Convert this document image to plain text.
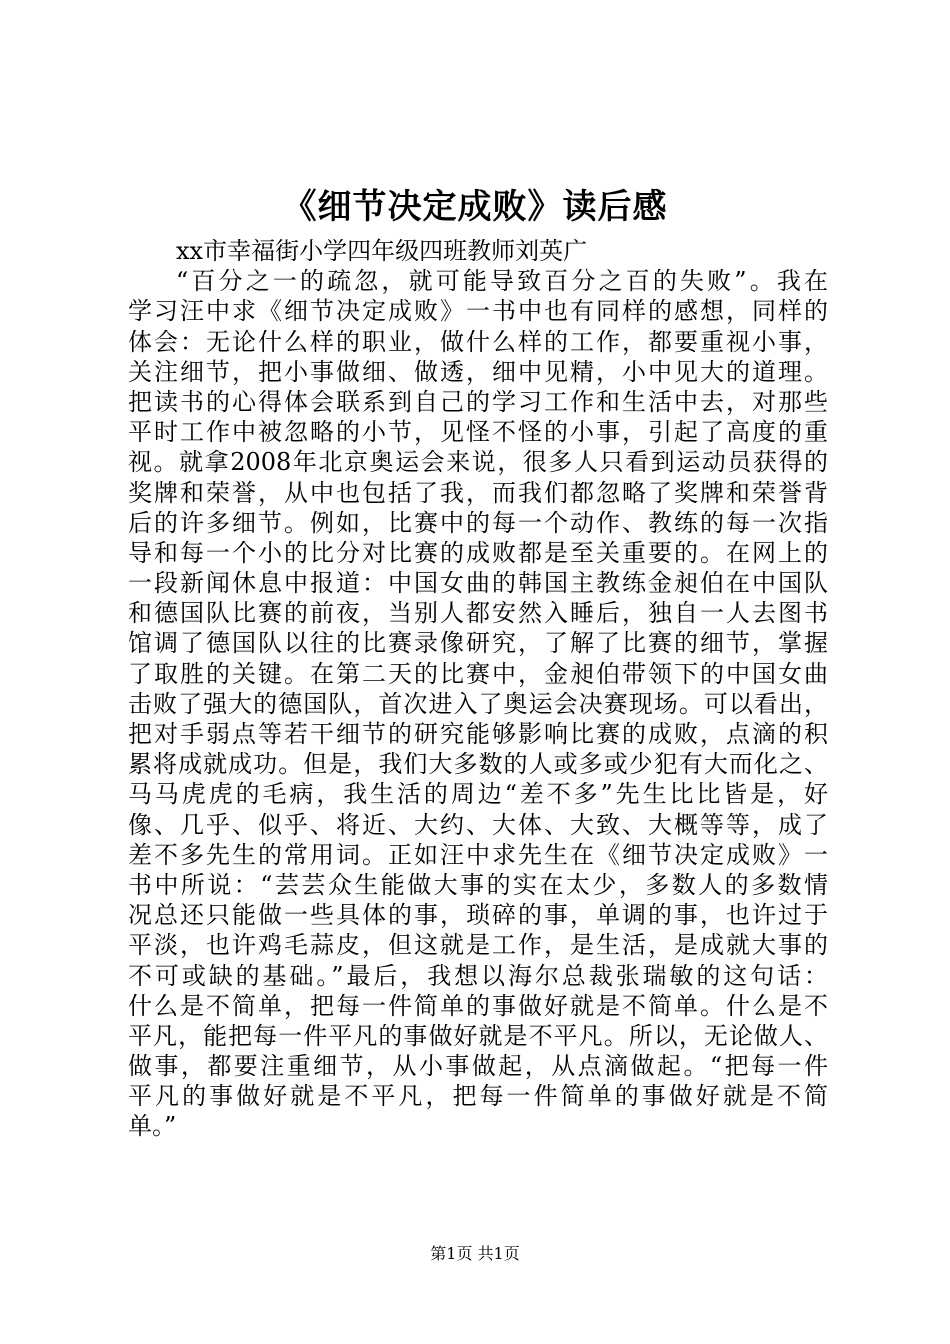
《细节决定成败》读后感
xx市幸福街小学四年级四班教师刘英广
“百分之一的疏忽，就可能导致百分之百的失败”。我在
学习汪中求《细节决定成败》一书中也有同样的感想，同样的
体会：无论什么样的职业，做什么样的工作，都要重视小事，
关注细节，把小事做细、做透，细中见精，小中见大的道理。
把读书的心得体会联系到自己的学习工作和生活中去，对那些
平时工作中被忽略的小节，见怪不怪的小事，引起了高度的重
视。就拿2008年北京奥运会来说，很多人只看到运动员获得的
奖牌和荣誉，从中也包括了我，而我们都忽略了奖牌和荣誉背
后的许多细节。例如，比赛中的每一个动作、教练的每一次指
导和每一个小的比分对比赛的成败都是至关重要的。在网上的
一段新闻休息中报道：中国女曲的韩国主教练金昶伯在中国队
和德国队比赛的前夜，当别人都安然入睡后，独自一人去图书
馆调了德国队以往的比赛录像研究，了解了比赛的细节，掌握
了取胜的关键。在第二天的比赛中，金昶伯带领下的中国女曲
击败了强大的德国队，首次进入了奥运会决赛现场。可以看出，
把对手弱点等若干细节的研究能够影响比赛的成败，点滴的积
累将成就成功。但是，我们大多数的人或多或少犯有大而化之、
马马虎虎的毛病，我生活的周边“差不多”先生比比皆是，好
像、几乎、似乎、将近、大约、大体、大致、大概等等，成了
差不多先生的常用词。正如汪中求先生在《细节决定成败》一
书中所说：“芸芸众生能做大事的实在太少，多数人的多数情
况总还只能做一些具体的事，琐碎的事，单调的事，也许过于
平淡，也许鸡毛蒜皮，但这就是工作，是生活，是成就大事的
不可或缺的基础。”最后，我想以海尔总裁张瑞敏的这句话：
什么是不简单，把每一件简单的事做好就是不简单。什么是不
平凡，能把每一件平凡的事做好就是不平凡。所以，无论做人、
做事，都要注重细节，从小事做起，从点滴做起。“把每一件
平凡的事做好就是不平凡，把每一件简单的事做好就是不简
单。”
第1页 共1页
